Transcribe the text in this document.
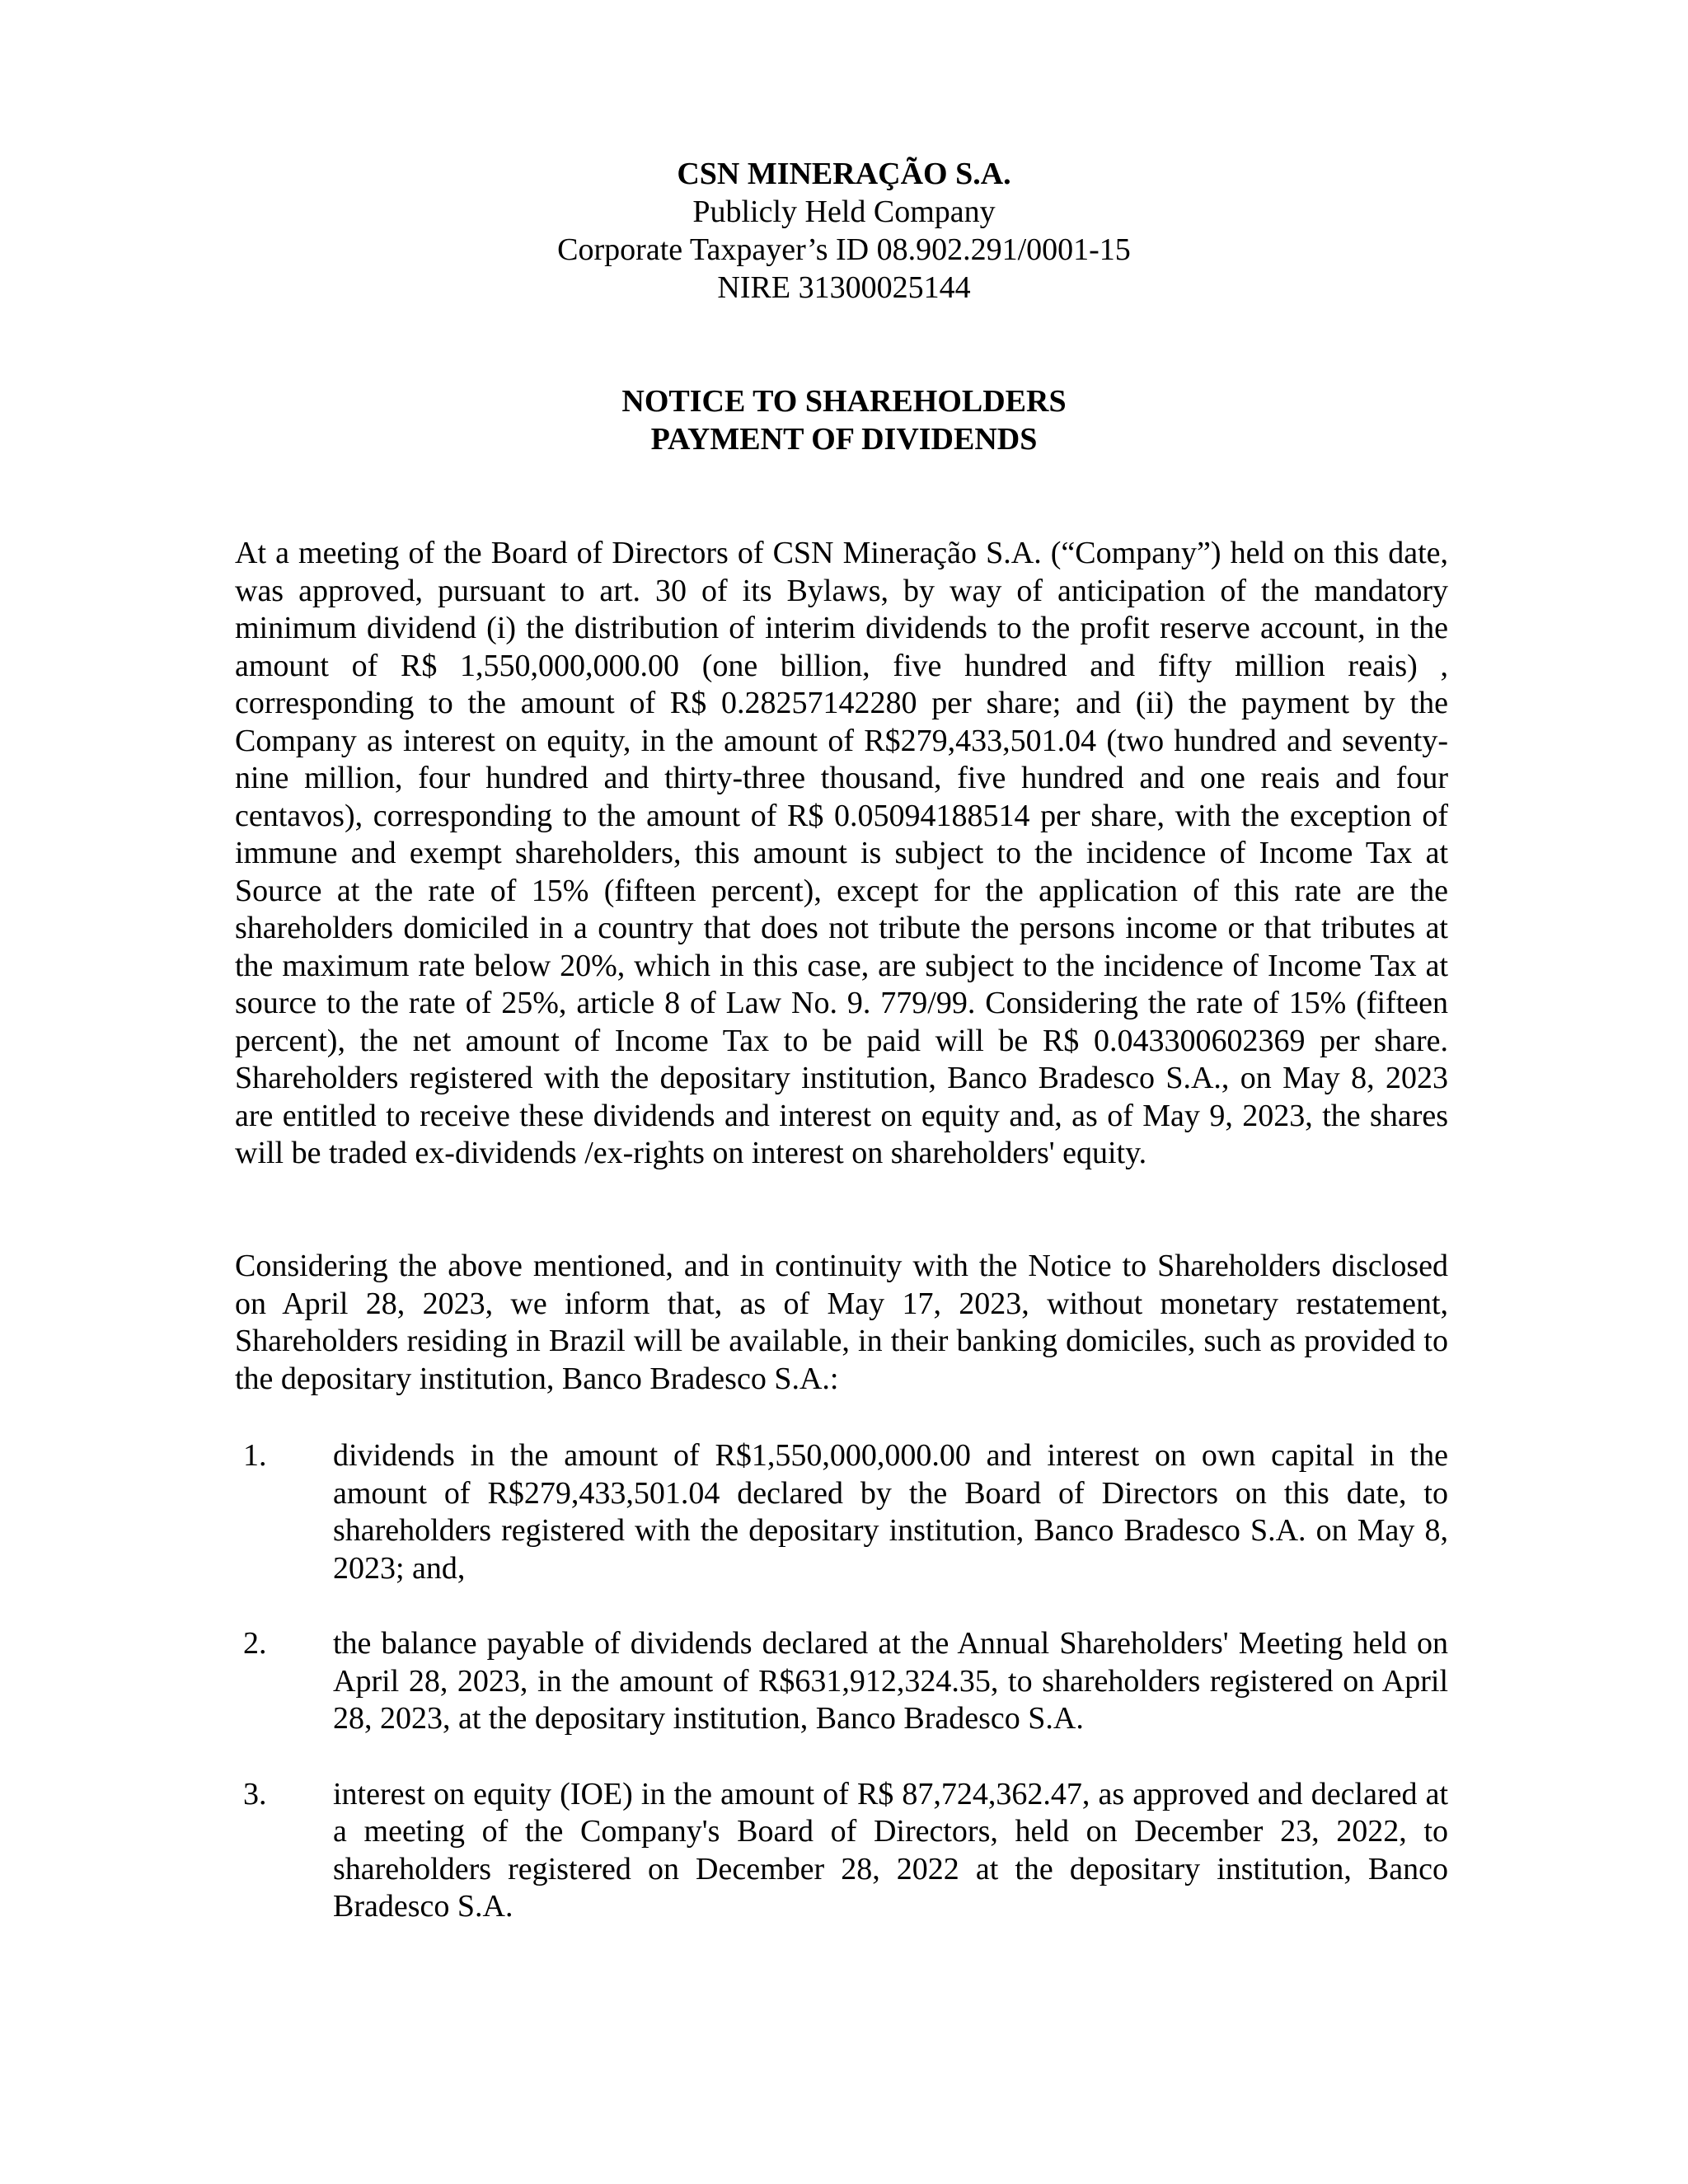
CSN MINERAÇÃO S.A.
Publicly Held Company
Corporate Taxpayer’s ID 08.902.291/0001-15
NIRE 31300025144
NOTICE TO SHAREHOLDERS
PAYMENT OF DIVIDENDS

At a meeting of the Board of Directors of CSN Mineração S.A. (“Company”) held on this date, was approved, pursuant to art. 30 of its Bylaws, by way of anticipation of the mandatory minimum dividend (i) the distribution of interim dividends to the profit reserve account, in the amount of R$ 1,550,000,000.00 (one billion, five hundred and fifty million reais) , corresponding to the amount of R$ 0.28257142280 per share; and (ii) the payment by the Company as interest on equity, in the amount of R$279,433,501.04 (two hundred and seventy-nine million, four hundred and thirty-three thousand, five hundred and one reais and four centavos), corresponding to the amount of R$ 0.05094188514 per share, with the exception of immune and exempt shareholders, this amount is subject to the incidence of Income Tax at Source at the rate of 15% (fifteen percent), except for the application of this rate are the shareholders domiciled in a country that does not tribute the persons income or that tributes at the maximum rate below 20%, which in this case, are subject to the incidence of Income Tax at source to the rate of 25%, article 8 of Law No. 9. 779/99. Considering the rate of 15% (fifteen percent), the net amount of Income Tax to be paid will be R$ 0.043300602369 per share. Shareholders registered with the depositary institution, Banco Bradesco S.A., on May 8, 2023 are entitled to receive these dividends and interest on equity and, as of May 9, 2023, the shares will be traded ex-dividends /ex-rights on interest on shareholders' equity.

Considering the above mentioned, and in continuity with the Notice to Shareholders disclosed on April 28, 2023, we inform that, as of May 17, 2023, without monetary restatement, Shareholders residing in Brazil will be available, in their banking domiciles, such as provided to the depositary institution, Banco Bradesco S.A.:

1.	dividends in the amount of R$1,550,000,000.00 and interest on own capital in the amount of R$279,433,501.04 declared by the Board of Directors on this date, to shareholders registered with the depositary institution, Banco Bradesco S.A. on May 8, 2023; and,
2.	the balance payable of dividends declared at the Annual Shareholders' Meeting held on April 28, 2023, in the amount of R$631,912,324.35, to shareholders registered on April 28, 2023, at the depositary institution, Banco Bradesco S.A.
3.	interest on equity (IOE) in the amount of R$ 87,724,362.47, as approved and declared at a meeting of the Company's Board of Directors, held on December 23, 2022, to shareholders registered on December 28, 2022 at the depositary institution, Banco Bradesco S.A.
